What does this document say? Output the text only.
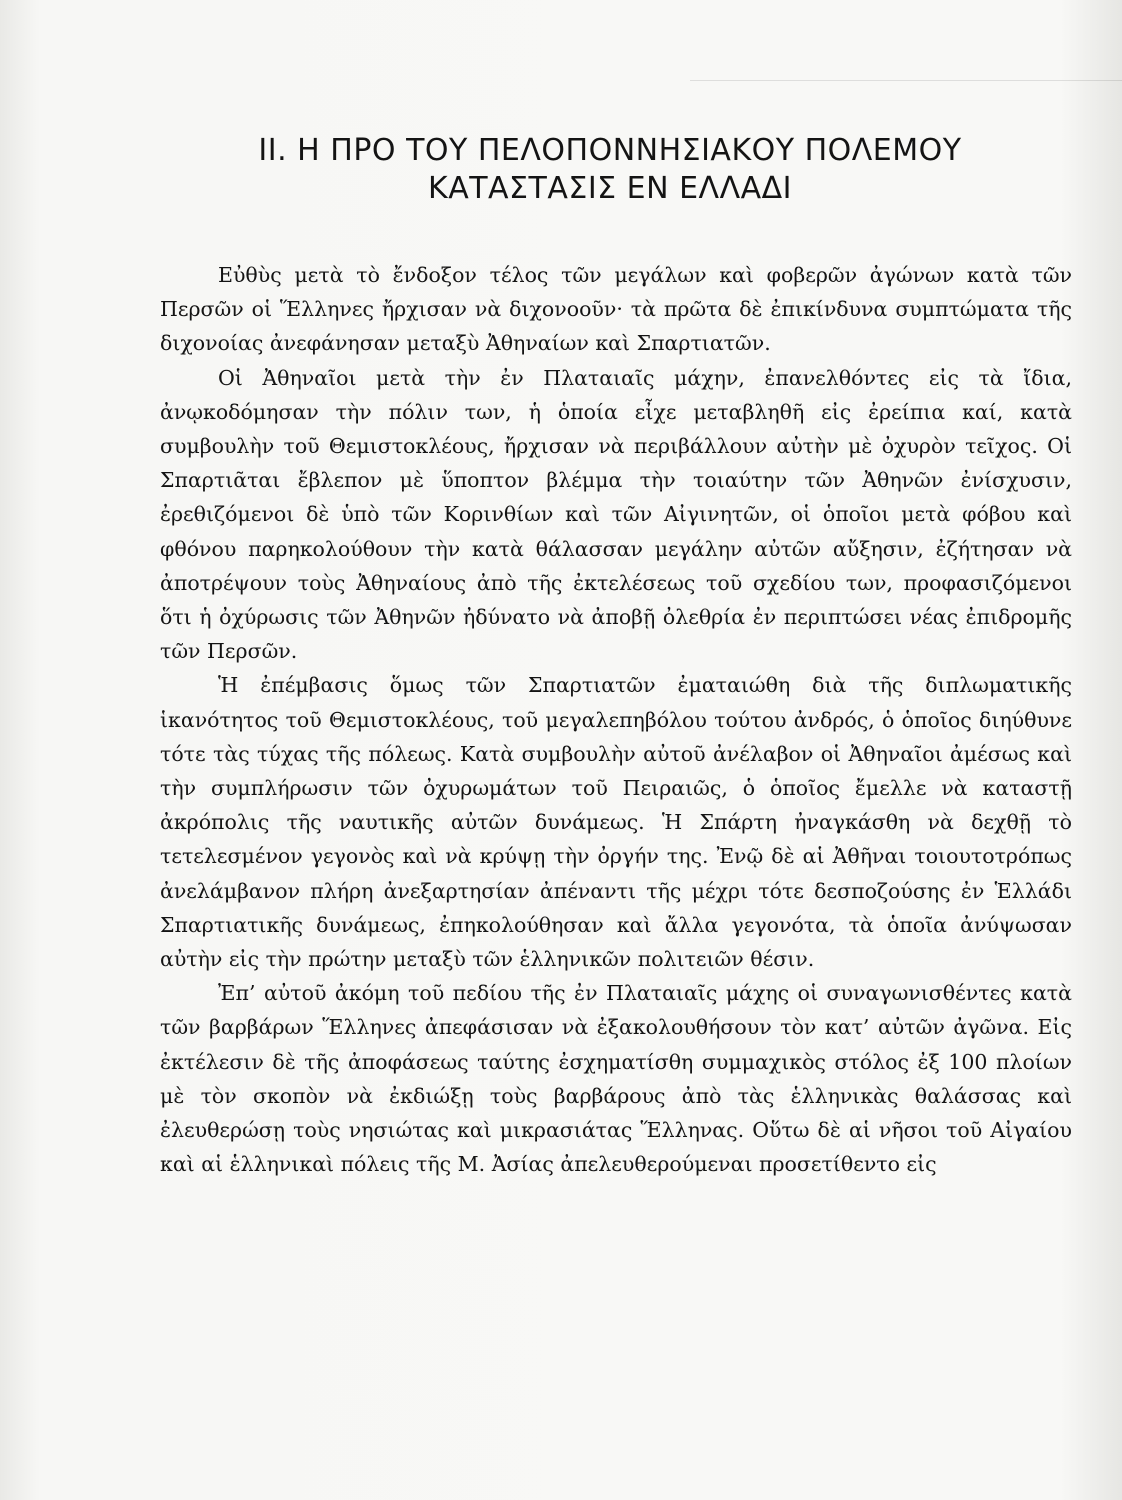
II. Η ΠΡΟ ΤΟΥ ΠΕΛΟΠΟΝΝΗΣΙΑΚΟΥ ΠΟΛΕΜΟΥ
ΚΑΤΑΣΤΑΣΙΣ ΕΝ ΕΛΛΑΔΙ

Εὐθὺς μετὰ τὸ ἔνδοξον τέλος τῶν μεγάλων καὶ φοβερῶν ἀγώνων κατὰ τῶν Περσῶν οἱ Ἕλληνες ἤρχισαν νὰ διχονοοῦν· τὰ πρῶτα δὲ ἐπικίνδυνα συμπτώματα τῆς διχονοίας ἀνεφάνησαν μεταξὺ Ἀθηναίων καὶ Σπαρτιατῶν.

Οἱ Ἀθηναῖοι μετὰ τὴν ἐν Πλαταιαῖς μάχην, ἐπανελθόντες εἰς τὰ ἴδια, ἀνῳκοδόμησαν τὴν πόλιν των, ἡ ὁποία εἶχε μεταβληθῆ εἰς ἐρείπια καί, κατὰ συμβουλὴν τοῦ Θεμιστοκλέους, ἤρχισαν νὰ περιβάλλουν αὐτὴν μὲ ὀχυρὸν τεῖχος. Οἱ Σπαρτιᾶται ἔβλεπον μὲ ὕποπτον βλέμμα τὴν τοιαύτην τῶν Ἀθηνῶν ἐνίσχυσιν, ἐρεθιζόμενοι δὲ ὑπὸ τῶν Κορινθίων καὶ τῶν Αἰγινητῶν, οἱ ὁποῖοι μετὰ φόβου καὶ φθόνου παρηκολούθουν τὴν κατὰ θάλασσαν μεγάλην αὐτῶν αὔξησιν, ἐζήτησαν νὰ ἀποτρέψουν τοὺς Ἀθηναίους ἀπὸ τῆς ἐκτελέσεως τοῦ σχεδίου των, προφασιζόμενοι ὅτι ἡ ὀχύρωσις τῶν Ἀθηνῶν ἠδύνατο νὰ ἀποβῇ ὀλεθρία ἐν περιπτώσει νέας ἐπιδρομῆς τῶν Περσῶν.

Ἡ ἐπέμβασις ὅμως τῶν Σπαρτιατῶν ἐματαιώθη διὰ τῆς διπλωματικῆς ἱκανότητος τοῦ Θεμιστοκλέους, τοῦ μεγαλεπηβόλου τούτου ἀνδρός, ὁ ὁποῖος διηύθυνε τότε τὰς τύχας τῆς πόλεως. Κατὰ συμβουλὴν αὐτοῦ ἀνέλαβον οἱ Ἀθηναῖοι ἀμέσως καὶ τὴν συμπλήρωσιν τῶν ὀχυρωμάτων τοῦ Πειραιῶς, ὁ ὁποῖος ἔμελλε νὰ καταστῇ ἀκρόπολις τῆς ναυτικῆς αὐτῶν δυνάμεως. Ἡ Σπάρτη ἠναγκάσθη νὰ δεχθῇ τὸ τετελεσμένον γεγονὸς καὶ νὰ κρύψῃ τὴν ὀργήν της. Ἐνῷ δὲ αἱ Ἀθῆναι τοιουτοτρόπως ἀνελάμβανον πλήρη ἀνεξαρτησίαν ἀπέναντι τῆς μέχρι τότε δεσποζούσης ἐν Ἑλλάδι Σπαρτιατικῆς δυνάμεως, ἐπηκολούθησαν καὶ ἄλλα γεγονότα, τὰ ὁποῖα ἀνύψωσαν αὐτὴν εἰς τὴν πρώτην μεταξὺ τῶν ἑλληνικῶν πολιτειῶν θέσιν.

Ἐπ’ αὐτοῦ ἀκόμη τοῦ πεδίου τῆς ἐν Πλαταιαῖς μάχης οἱ συναγωνισθέντες κατὰ τῶν βαρβάρων Ἕλληνες ἀπεφάσισαν νὰ ἐξακολουθήσουν τὸν κατ’ αὐτῶν ἀγῶνα. Εἰς ἐκτέλεσιν δὲ τῆς ἀποφάσεως ταύτης ἐσχηματίσθη συμμαχικὸς στόλος ἐξ 100 πλοίων μὲ τὸν σκοπὸν νὰ ἐκδιώξῃ τοὺς βαρβάρους ἀπὸ τὰς ἑλληνικὰς θαλάσσας καὶ ἐλευθερώσῃ τοὺς νησιώτας καὶ μικρασιάτας Ἕλληνας. Οὕτω δὲ αἱ νῆσοι τοῦ Αἰγαίου καὶ αἱ ἑλληνικαὶ πόλεις τῆς Μ. Ἀσίας ἀπελευθερούμεναι προσετίθεντο εἰς
